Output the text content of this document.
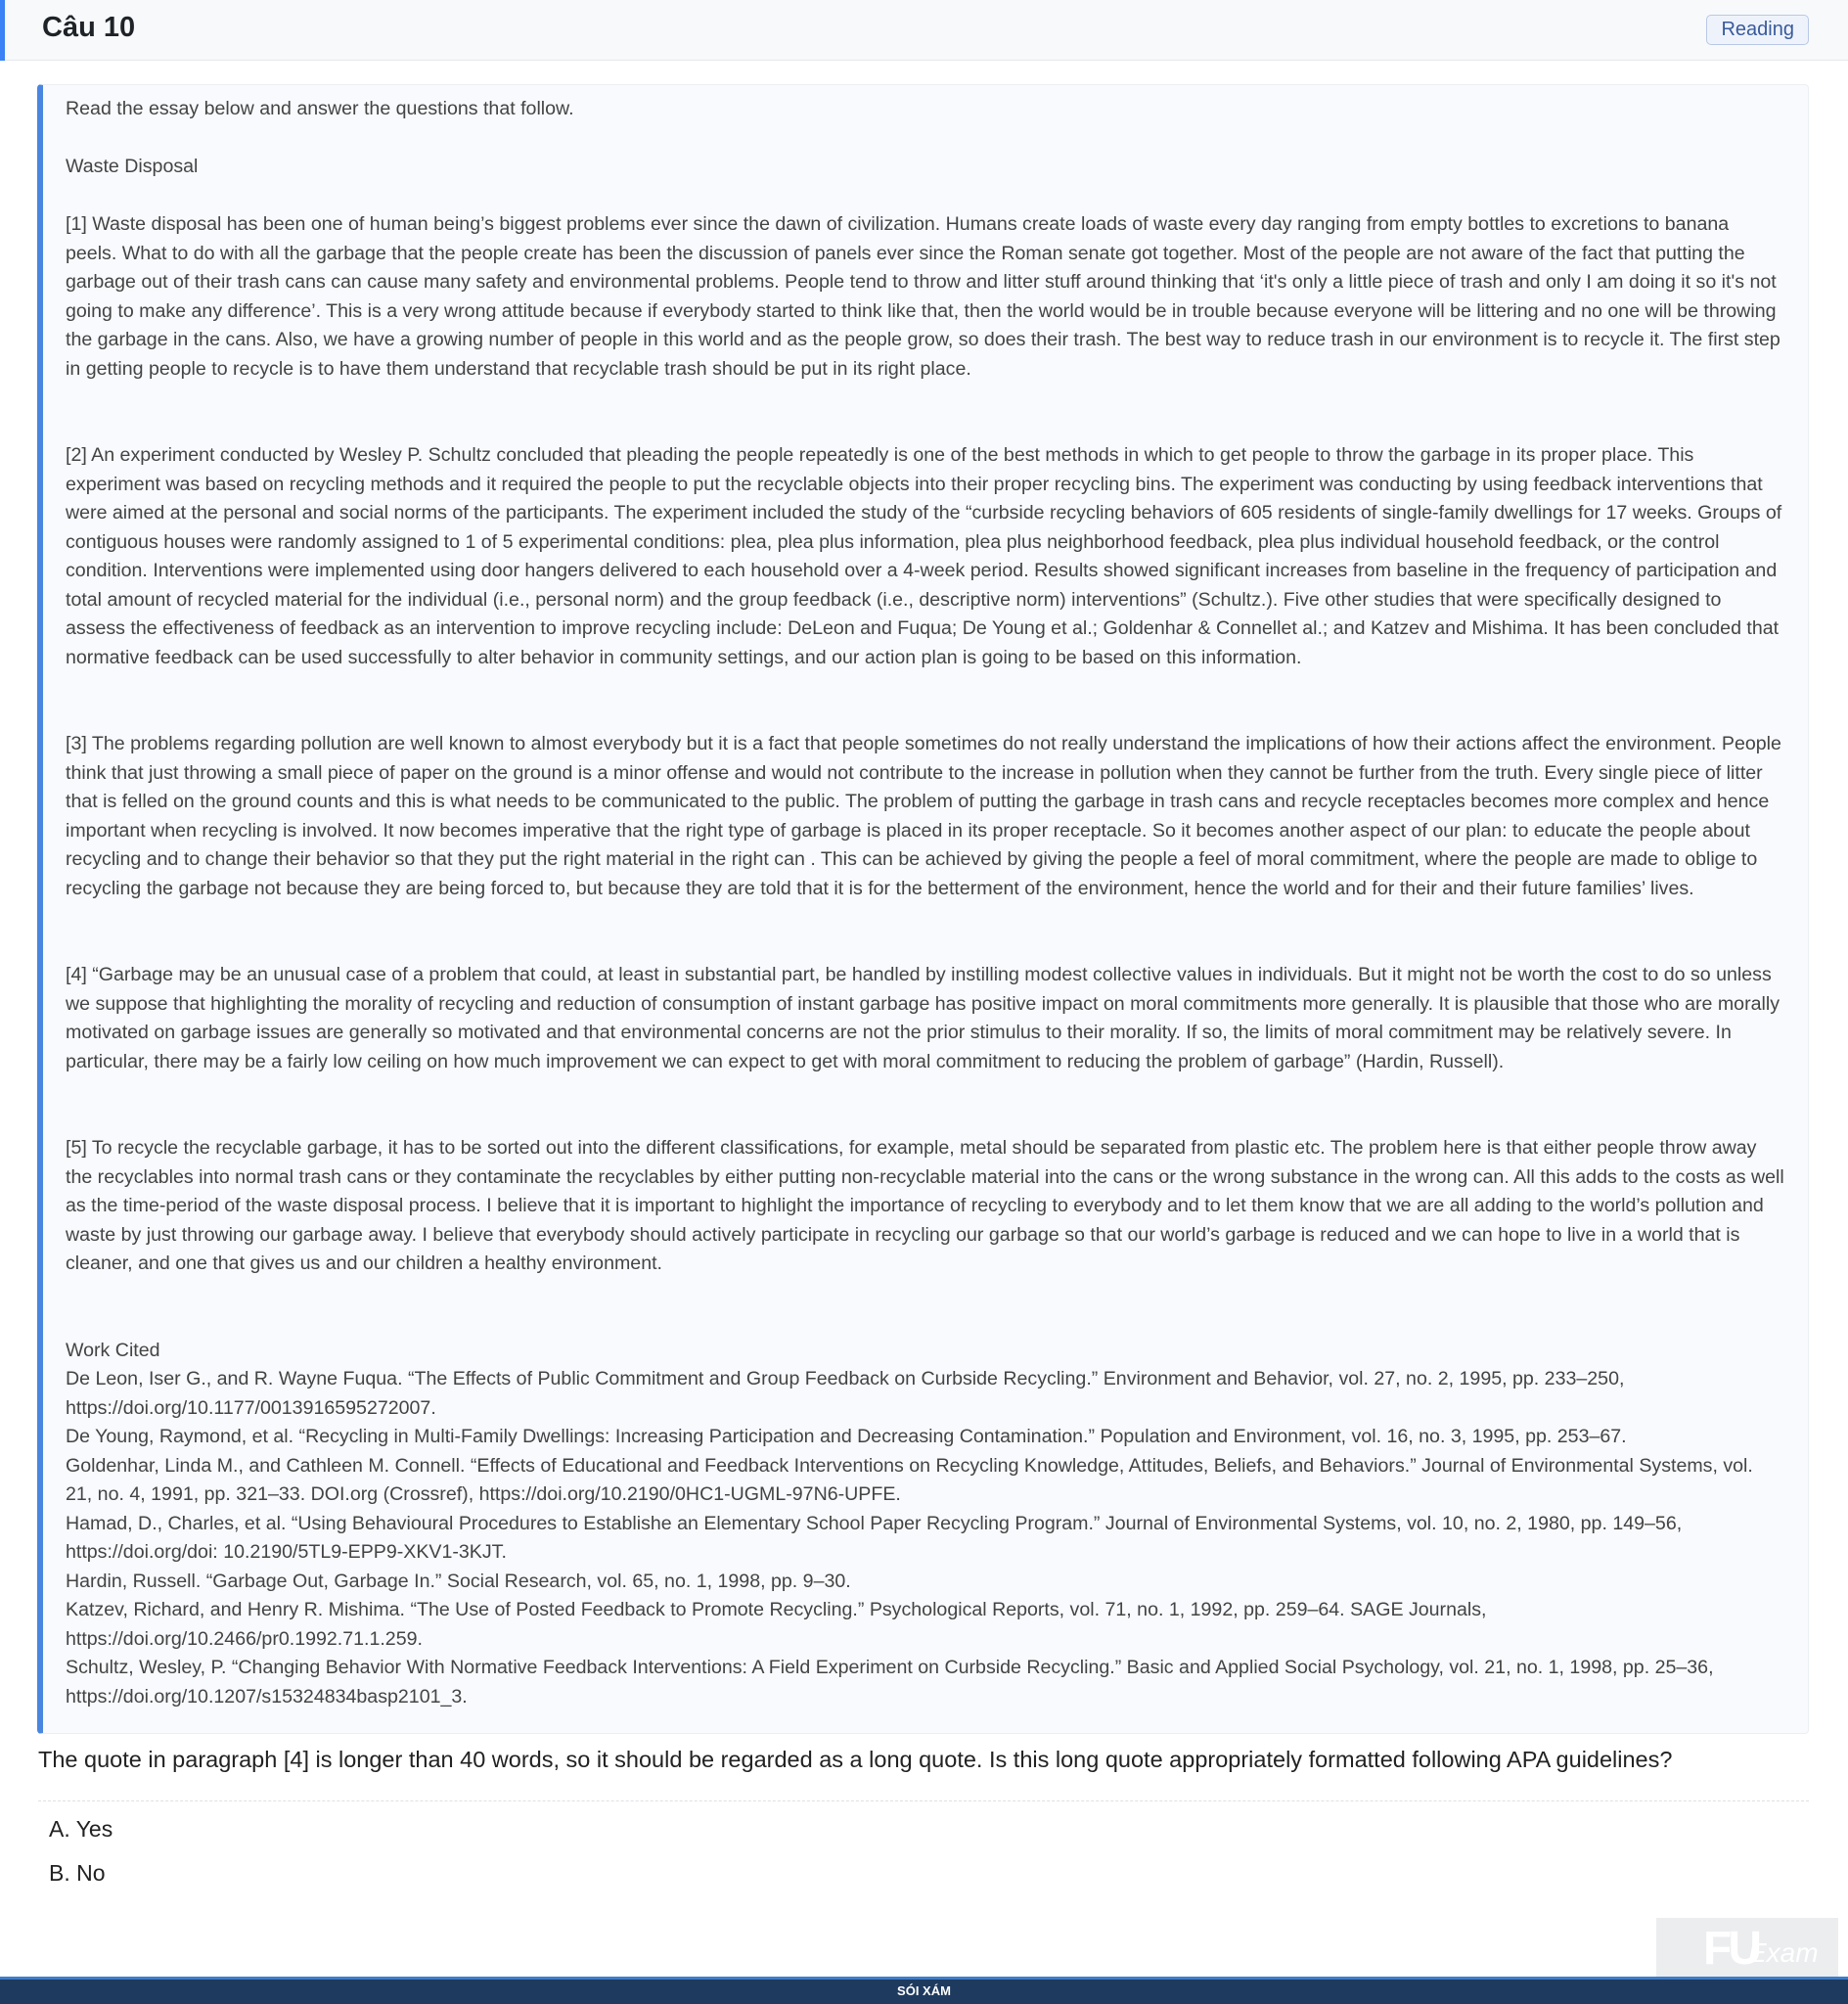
Câu 10	Reading

Read the essay below and answer the questions that follow.

Waste Disposal

[1] Waste disposal has been one of human being’s biggest problems ever since the dawn of civilization. Humans create loads of waste every day ranging from empty bottles to excretions to banana peels. What to do with all the garbage that the people create has been the discussion of panels ever since the Roman senate got together. Most of the people are not aware of the fact that putting the garbage out of their trash cans can cause many safety and environmental problems. People tend to throw and litter stuff around thinking that ‘it's only a little piece of trash and only I am doing it so it's not going to make any difference’. This is a very wrong attitude because if everybody started to think like that, then the world would be in trouble because everyone will be littering and no one will be throwing the garbage in the cans. Also, we have a growing number of people in this world and as the people grow, so does their trash. The best way to reduce trash in our environment is to recycle it. The first step in getting people to recycle is to have them understand that recyclable trash should be put in its right place.

[2] An experiment conducted by Wesley P. Schultz concluded that pleading the people repeatedly is one of the best methods in which to get people to throw the garbage in its proper place. This experiment was based on recycling methods and it required the people to put the recyclable objects into their proper recycling bins. The experiment was conducting by using feedback interventions that were aimed at the personal and social norms of the participants. The experiment included the study of the “curbside recycling behaviors of 605 residents of single-family dwellings for 17 weeks. Groups of contiguous houses were randomly assigned to 1 of 5 experimental conditions: plea, plea plus information, plea plus neighborhood feedback, plea plus individual household feedback, or the control condition. Interventions were implemented using door hangers delivered to each household over a 4-week period. Results showed significant increases from baseline in the frequency of participation and total amount of recycled material for the individual (i.e., personal norm) and the group feedback (i.e., descriptive norm) interventions” (Schultz.). Five other studies that were specifically designed to assess the effectiveness of feedback as an intervention to improve recycling include: DeLeon and Fuqua; De Young et al.; Goldenhar & Connellet al.; and Katzev and Mishima. It has been concluded that normative feedback can be used successfully to alter behavior in community settings, and our action plan is going to be based on this information.

[3] The problems regarding pollution are well known to almost everybody but it is a fact that people sometimes do not really understand the implications of how their actions affect the environment. People think that just throwing a small piece of paper on the ground is a minor offense and would not contribute to the increase in pollution when they cannot be further from the truth. Every single piece of litter that is felled on the ground counts and this is what needs to be communicated to the public. The problem of putting the garbage in trash cans and recycle receptacles becomes more complex and hence important when recycling is involved. It now becomes imperative that the right type of garbage is placed in its proper receptacle. So it becomes another aspect of our plan: to educate the people about recycling and to change their behavior so that they put the right material in the right can . This can be achieved by giving the people a feel of moral commitment, where the people are made to oblige to recycling the garbage not because they are being forced to, but because they are told that it is for the betterment of the environment, hence the world and for their and their future families’ lives.

[4] “Garbage may be an unusual case of a problem that could, at least in substantial part, be handled by instilling modest collective values in individuals. But it might not be worth the cost to do so unless we suppose that highlighting the morality of recycling and reduction of consumption of instant garbage has positive impact on moral commitments more generally. It is plausible that those who are morally motivated on garbage issues are generally so motivated and that environmental concerns are not the prior stimulus to their morality. If so, the limits of moral commitment may be relatively severe. In particular, there may be a fairly low ceiling on how much improvement we can expect to get with moral commitment to reducing the problem of garbage” (Hardin, Russell).

[5] To recycle the recyclable garbage, it has to be sorted out into the different classifications, for example, metal should be separated from plastic etc. The problem here is that either people throw away the recyclables into normal trash cans or they contaminate the recyclables by either putting non-recyclable material into the cans or the wrong substance in the wrong can. All this adds to the costs as well as the time-period of the waste disposal process. I believe that it is important to highlight the importance of recycling to everybody and to let them know that we are all adding to the world’s pollution and waste by just throwing our garbage away. I believe that everybody should actively participate in recycling our garbage so that our world’s garbage is reduced and we can hope to live in a world that is cleaner, and one that gives us and our children a healthy environment.

Work Cited

De Leon, Iser G., and R. Wayne Fuqua. “The Effects of Public Commitment and Group Feedback on Curbside Recycling.” Environment and Behavior, vol. 27, no. 2, 1995, pp. 233–250, https://doi.org/10.1177/0013916595272007.

De Young, Raymond, et al. “Recycling in Multi-Family Dwellings: Increasing Participation and Decreasing Contamination.” Population and Environment, vol. 16, no. 3, 1995, pp. 253–67.

Goldenhar, Linda M., and Cathleen M. Connell. “Effects of Educational and Feedback Interventions on Recycling Knowledge, Attitudes, Beliefs, and Behaviors.” Journal of Environmental Systems, vol. 21, no. 4, 1991, pp. 321–33. DOI.org (Crossref), https://doi.org/10.2190/0HC1-UGML-97N6-UPFE.

Hamad, D., Charles, et al. “Using Behavioural Procedures to Establishe an Elementary School Paper Recycling Program.” Journal of Environmental Systems, vol. 10, no. 2, 1980, pp. 149–56, https://doi.org/doi: 10.2190/5TL9-EPP9-XKV1-3KJT.

Hardin, Russell. “Garbage Out, Garbage In.” Social Research, vol. 65, no. 1, 1998, pp. 9–30.

Katzev, Richard, and Henry R. Mishima. “The Use of Posted Feedback to Promote Recycling.” Psychological Reports, vol. 71, no. 1, 1992, pp. 259–64. SAGE Journals, https://doi.org/10.2466/pr0.1992.71.1.259.

Schultz, Wesley, P. “Changing Behavior With Normative Feedback Interventions: A Field Experiment on Curbside Recycling.” Basic and Applied Social Psychology, vol. 21, no. 1, 1998, pp. 25–36, https://doi.org/10.1207/s15324834basp2101_3.

The quote in paragraph [4] is longer than 40 words, so it should be regarded as a long quote. Is this long quote appropriately formatted following APA guidelines?
A. Yes
B. No
FU
Exam
SÓI XÁM
